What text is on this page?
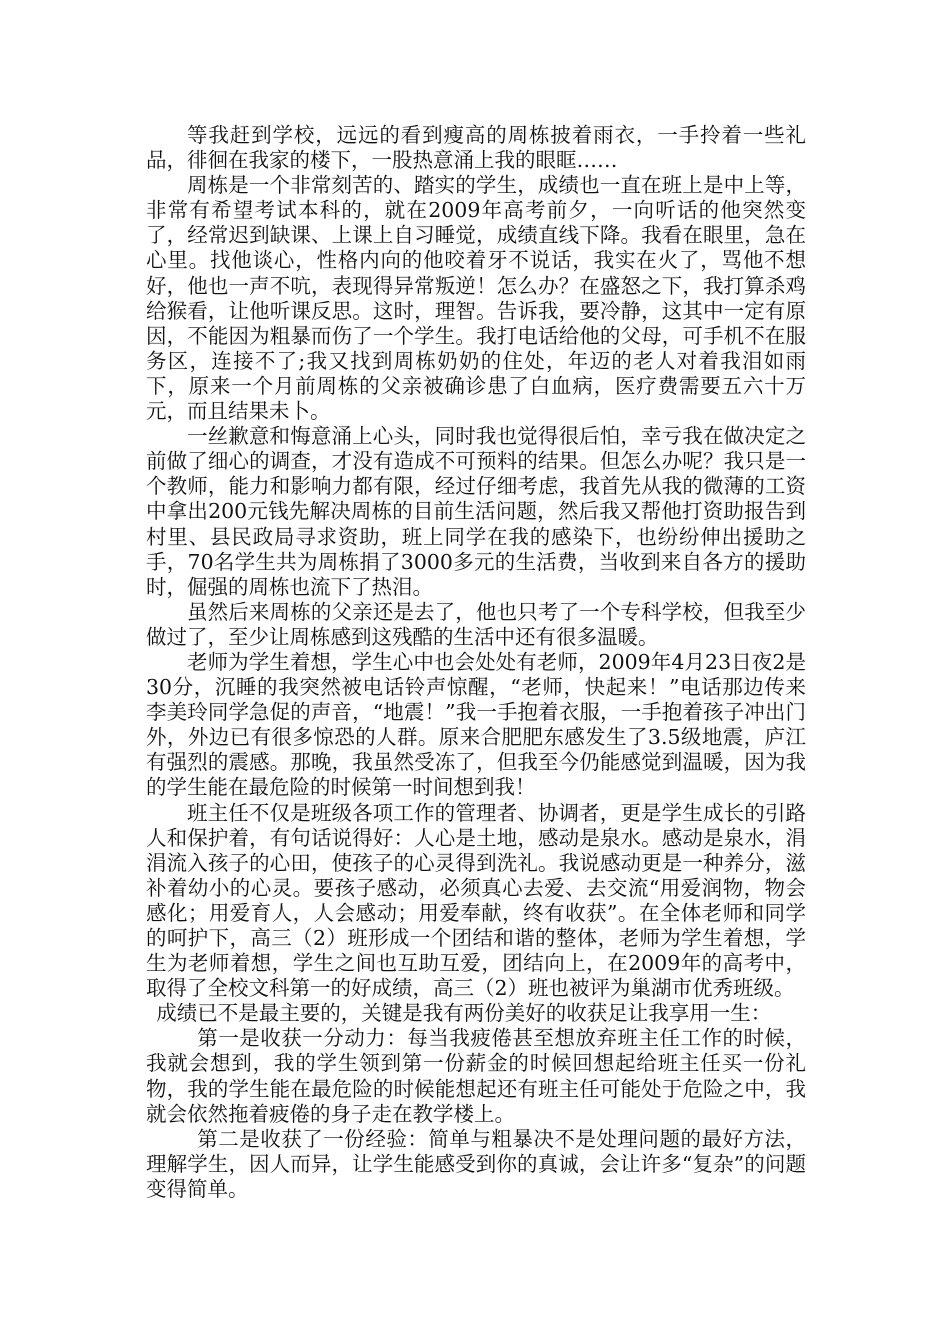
等我赶到学校，远远的看到瘦高的周栋披着雨衣，一手拎着一些礼品，徘徊在我家的楼下，一股热意涌上我的眼眶……

周栋是一个非常刻苦的、踏实的学生，成绩也一直在班上是中上等，非常有希望考试本科的，就在2009年高考前夕，一向听话的他突然变了，经常迟到缺课、上课上自习睡觉，成绩直线下降。我看在眼里，急在心里。找他谈心，性格内向的他咬着牙不说话，我实在火了，骂他不想好，他也一声不吭，表现得异常叛逆！怎么办？在盛怒之下，我打算杀鸡给猴看，让他听课反思。这时，理智。告诉我，要冷静，这其中一定有原因，不能因为粗暴而伤了一个学生。我打电话给他的父母，可手机不在服务区，连接不了;我又找到周栋奶奶的住处，年迈的老人对着我泪如雨下，原来一个月前周栋的父亲被确诊患了白血病，医疗费需要五六十万元，而且结果未卜。

一丝歉意和悔意涌上心头，同时我也觉得很后怕，幸亏我在做决定之前做了细心的调查，才没有造成不可预料的结果。但怎么办呢？我只是一个教师，能力和影响力都有限，经过仔细考虑，我首先从我的微薄的工资中拿出200元钱先解决周栋的目前生活问题，然后我又帮他打资助报告到村里、县民政局寻求资助，班上同学在我的感染下，也纷纷伸出援助之手，70名学生共为周栋捐了3000多元的生活费，当收到来自各方的援助时，倔强的周栋也流下了热泪。

虽然后来周栋的父亲还是去了，他也只考了一个专科学校，但我至少做过了，至少让周栋感到这残酷的生活中还有很多温暖。

老师为学生着想，学生心中也会处处有老师，2009年4月23日夜2是30分，沉睡的我突然被电话铃声惊醒，“老师，快起来！”电话那边传来李美玲同学急促的声音，“地震！”我一手抱着衣服，一手抱着孩子冲出门外，外边已有很多惊恐的人群。原来合肥肥东感发生了3.5级地震，庐江有强烈的震感。那晚，我虽然受冻了，但我至今仍能感觉到温暖，因为我的学生能在最危险的时候第一时间想到我！

班主任不仅是班级各项工作的管理者、协调者，更是学生成长的引路人和保护着，有句话说得好：人心是土地，感动是泉水。感动是泉水，涓涓流入孩子的心田，使孩子的心灵得到洗礼。我说感动更是一种养分，滋补着幼小的心灵。要孩子感动，必须真心去爱、去交流“用爱润物，物会感化；用爱育人，人会感动；用爱奉献，终有收获”。在全体老师和同学的呵护下，高三（2）班形成一个团结和谐的整体，老师为学生着想，学生为老师着想，学生之间也互助互爱，团结向上，在2009年的高考中，取得了全校文科第一的好成绩，高三（2）班也被评为巢湖市优秀班级。

成绩已不是最主要的，关键是我有两份美好的收获足让我享用一生：

第一是收获一分动力：每当我疲倦甚至想放弃班主任工作的时候，我就会想到，我的学生领到第一份薪金的时候回想起给班主任买一份礼物，我的学生能在最危险的时候能想起还有班主任可能处于危险之中，我就会依然拖着疲倦的身子走在教学楼上。

第二是收获了一份经验：简单与粗暴决不是处理问题的最好方法，理解学生，因人而异，让学生能感受到你的真诚，会让许多“复杂”的问题变得简单。
